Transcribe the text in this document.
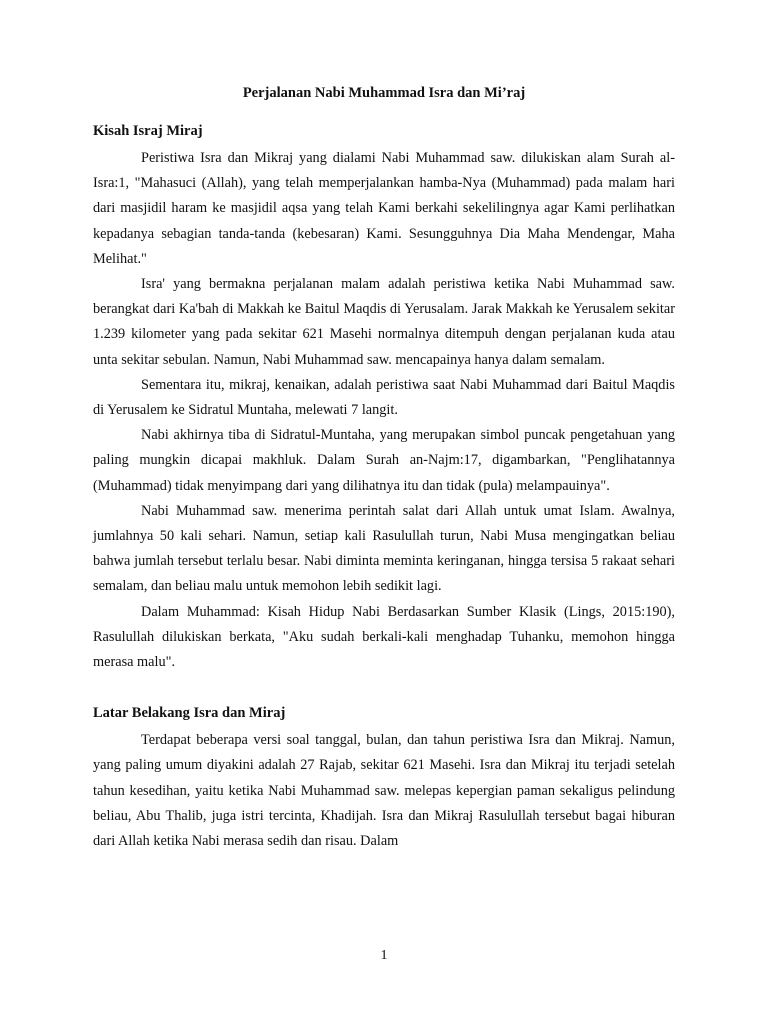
Perjalanan Nabi Muhammad Isra dan Mi’raj
Kisah Israj Miraj

Peristiwa Isra dan Mikraj yang dialami Nabi Muhammad saw. dilukiskan alam Surah al-Isra:1, "Mahasuci (Allah), yang telah memperjalankan hamba-Nya (Muhammad) pada malam hari dari masjidil haram ke masjidil aqsa yang telah Kami berkahi sekelilingnya agar Kami perlihatkan kepadanya sebagian tanda-tanda (kebesaran) Kami. Sesungguhnya Dia Maha Mendengar, Maha Melihat."

Isra' yang bermakna perjalanan malam adalah peristiwa ketika Nabi Muhammad saw. berangkat dari Ka'bah di Makkah ke Baitul Maqdis di Yerusalam. Jarak Makkah ke Yerusalem sekitar 1.239 kilometer yang pada sekitar 621 Masehi normalnya ditempuh dengan perjalanan kuda atau unta sekitar sebulan. Namun, Nabi Muhammad saw. mencapainya hanya dalam semalam.

Sementara itu, mikraj, kenaikan, adalah peristiwa saat Nabi Muhammad dari Baitul Maqdis di Yerusalem ke Sidratul Muntaha, melewati 7 langit.

Nabi akhirnya tiba di Sidratul-Muntaha, yang merupakan simbol puncak pengetahuan yang paling mungkin dicapai makhluk. Dalam Surah an-Najm:17, digambarkan, "Penglihatannya (Muhammad) tidak menyimpang dari yang dilihatnya itu dan tidak (pula) melampauinya".

Nabi Muhammad saw. menerima perintah salat dari Allah untuk umat Islam. Awalnya, jumlahnya 50 kali sehari. Namun, setiap kali Rasulullah turun, Nabi Musa mengingatkan beliau bahwa jumlah tersebut terlalu besar. Nabi diminta meminta keringanan, hingga tersisa 5 rakaat sehari semalam, dan beliau malu untuk memohon lebih sedikit lagi.

Dalam Muhammad: Kisah Hidup Nabi Berdasarkan Sumber Klasik (Lings, 2015:190), Rasulullah dilukiskan berkata, "Aku sudah berkali-kali menghadap Tuhanku, memohon hingga merasa malu".

Latar Belakang Isra dan Miraj

Terdapat beberapa versi soal tanggal, bulan, dan tahun peristiwa Isra dan Mikraj. Namun, yang paling umum diyakini adalah 27 Rajab, sekitar 621 Masehi. Isra dan Mikraj itu terjadi setelah tahun kesedihan, yaitu ketika Nabi Muhammad saw. melepas kepergian paman sekaligus pelindung beliau, Abu Thalib, juga istri tercinta, Khadijah. Isra dan Mikraj Rasulullah tersebut bagai hiburan dari Allah ketika Nabi merasa sedih dan risau. Dalam

1
